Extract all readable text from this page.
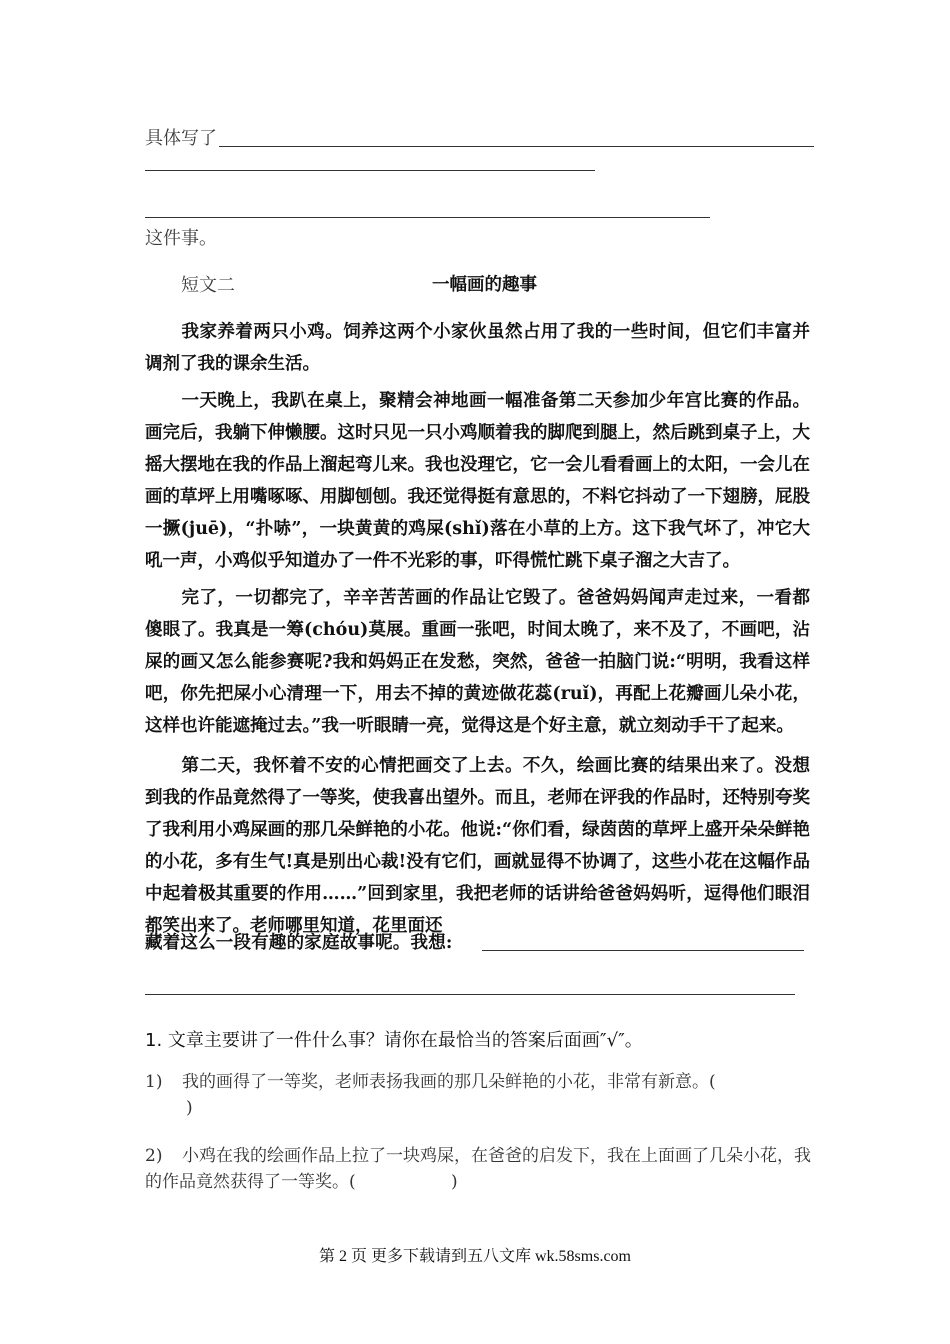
具体写了
这件事。
短文二	一幅画的趣事
我家养着两只小鸡。饲养这两个小家伙虽然占用了我的一些时间，但它们丰富并调剂了我的课余生活。
一天晚上，我趴在桌上，聚精会神地画一幅准备第二天参加少年宫比赛的作品。画完后，我躺下伸懒腰。这时只见一只小鸡顺着我的脚爬到腿上，然后跳到桌子上，大摇大摆地在我的作品上溜起弯儿来。我也没理它，它一会儿看看画上的太阳，一会儿在画的草坪上用嘴啄啄、用脚刨刨。我还觉得挺有意思的，不料它抖动了一下翅膀，屁股一撅(juē)，“扑哧”，一块黄黄的鸡屎(shǐ)落在小草的上方。这下我气坏了，冲它大吼一声，小鸡似乎知道办了一件不光彩的事，吓得慌忙跳下桌子溜之大吉了。
完了，一切都完了，辛辛苦苦画的作品让它毁了。爸爸妈妈闻声走过来，一看都傻眼了。我真是一筹(chóu)莫展。重画一张吧，时间太晚了，来不及了，不画吧，沾屎的画又怎么能参赛呢?我和妈妈正在发愁，突然，爸爸一拍脑门说:“明明，我看这样吧，你先把屎小心清理一下，用去不掉的黄迹做花蕊(ruǐ)，再配上花瓣画儿朵小花，这样也许能遮掩过去。”我一听眼睛一亮，觉得这是个好主意，就立刻动手干了起来。
第二天，我怀着不安的心情把画交了上去。不久，绘画比赛的结果出来了。没想到我的作品竟然得了一等奖，使我喜出望外。而且，老师在评我的作品时，还特别夸奖了我利用小鸡屎画的那几朵鲜艳的小花。他说:“你们看，绿茵茵的草坪上盛开朵朵鲜艳的小花，多有生气!真是别出心裁!没有它们，画就显得不协调了，这些小花在这幅作品中起着极其重要的作用……”回到家里，我把老师的话讲给爸爸妈妈听，逗得他们眼泪都笑出来了。老师哪里知道，花里面还
藏着这么一段有趣的家庭故事呢。我想:
1. 文章主要讲了一件什么事？请你在最恰当的答案后面画″√″。
1) 我的画得了一等奖，老师表扬我画的那几朵鲜艳的小花，非常有新意。(
)
2) 小鸡在我的绘画作品上拉了一块鸡屎，在爸爸的启发下，我在上面画了几朵小花，我
的作品竟然获得了一等奖。(	)
第 2 页 更多下载请到五八文库 wk.58sms.com
